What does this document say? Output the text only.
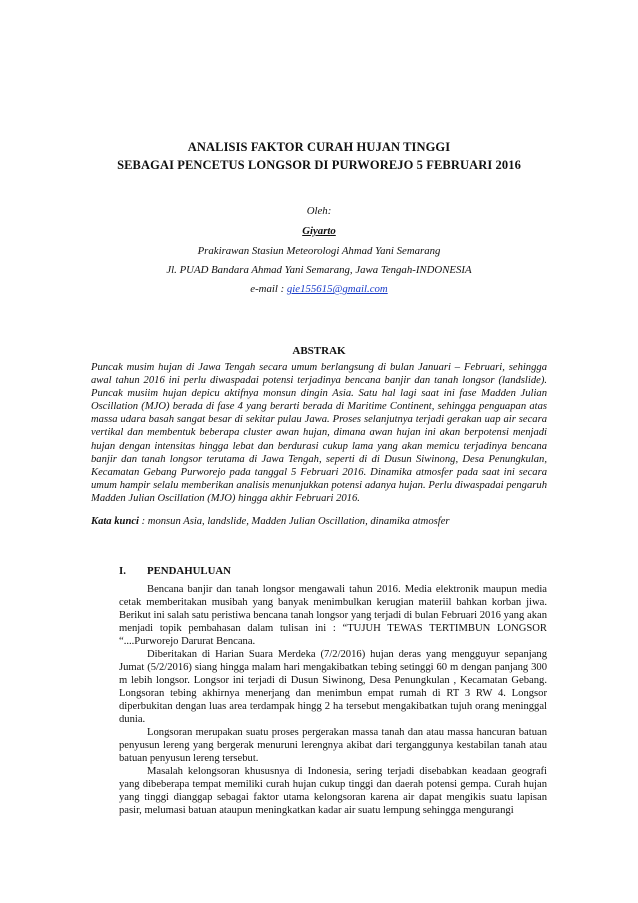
ANALISIS FAKTOR CURAH HUJAN TINGGI
SEBAGAI PENCETUS LONGSOR DI PURWOREJO 5 FEBRUARI 2016
Oleh:
Giyarto
Prakirawan Stasiun Meteorologi Ahmad Yani Semarang
Jl. PUAD Bandara Ahmad Yani Semarang, Jawa Tengah-INDONESIA
e-mail : gie155615@gmail.com
ABSTRAK
Puncak musim hujan di Jawa Tengah secara umum berlangsung di bulan Januari – Februari, sehingga awal tahun 2016 ini perlu diwaspadai potensi terjadinya bencana banjir dan tanah longsor (landslide). Puncak musiim hujan depicu aktifnya monsun dingin Asia. Satu hal lagi saat ini fase Madden Julian Oscillation (MJO) berada di fase 4 yang berarti berada di Maritime Continent, sehingga penguapan atas massa udara basah sangat besar di sekitar pulau Jawa. Proses selanjutnya terjadi gerakan uap air secara vertikal dan membentuk beberapa cluster awan hujan, dimana awan hujan ini akan berpotensi menjadi hujan dengan intensitas hingga lebat dan berdurasi cukup lama yang akan memicu terjadinya bencana banjir dan tanah longsor terutama di Jawa Tengah, seperti di di Dusun Siwinong, Desa Penungkulan, Kecamatan Gebang Purworejo pada tanggal 5 Februari 2016. Dinamika atmosfer pada saat ini secara umum hampir selalu memberikan analisis menunjukkan potensi adanya hujan. Perlu diwaspadai pengaruh Madden Julian Oscillation (MJO) hingga akhir Februari 2016.
Kata kunci : monsun Asia, landslide, Madden Julian Oscillation, dinamika atmosfer
I. PENDAHULUAN

Bencana banjir dan tanah longsor mengawali tahun 2016. Media elektronik maupun media cetak memberitakan musibah yang banyak menimbulkan kerugian materiil bahkan korban jiwa. Berikut ini salah satu peristiwa bencana tanah longsor yang terjadi di bulan Februari 2016 yang akan menjadi topik pembahasan dalam tulisan ini : “TUJUH TEWAS TERTIMBUN LONGSOR “....Purworejo Darurat Bencana.

Diberitakan di Harian Suara Merdeka (7/2/2016) hujan deras yang mengguyur sepanjang Jumat (5/2/2016) siang hingga malam hari mengakibatkan tebing setinggi 60 m dengan panjang 300 m lebih longsor. Longsor ini terjadi di Dusun Siwinong, Desa Penungkulan , Kecamatan Gebang. Longsoran tebing akhirnya menerjang dan menimbun empat rumah di RT 3 RW 4. Longsor diperbukitan dengan luas area terdampak hingg 2 ha tersebut mengakibatkan tujuh orang meninggal dunia.

Longsoran merupakan suatu proses pergerakan massa tanah dan atau massa hancuran batuan penyusun lereng yang bergerak menuruni lerengnya akibat dari terganggunya kestabilan tanah atau batuan penyusun lereng tersebut.

Masalah kelongsoran khususnya di Indonesia, sering terjadi disebabkan keadaan geografi yang dibeberapa tempat memiliki curah hujan cukup tinggi dan daerah potensi gempa. Curah hujan yang tinggi dianggap sebagai faktor utama kelongsoran karena air dapat mengikis suatu lapisan pasir, melumasi batuan ataupun meningkatkan kadar air suatu lempung sehingga mengurangi
